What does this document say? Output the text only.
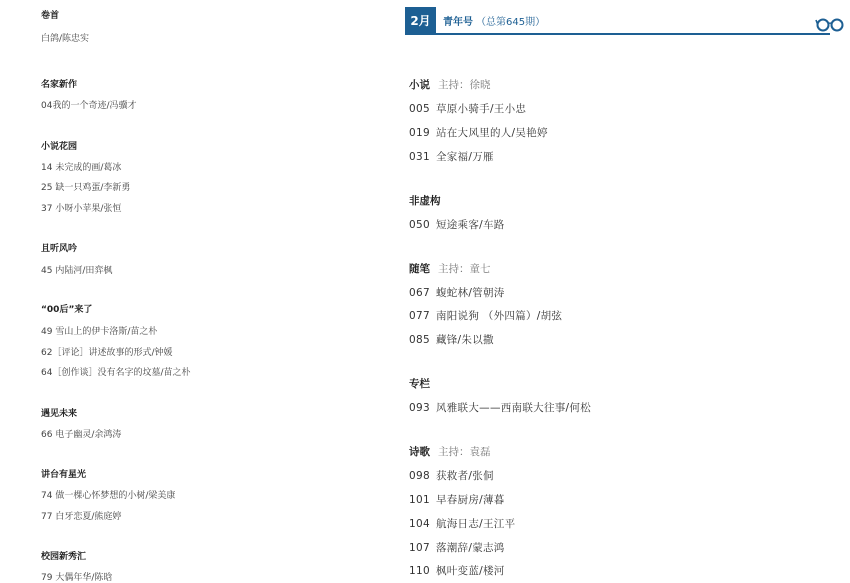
卷首
白鸽/陈忠实
名家新作
04我的一个奇迹/冯骥才
小说花园
14 未完成的画/葛冰
25 缺一只鸡蛋/李新勇
37 小呀小苹果/张恒
且听风吟
45 内陆河/田弈枫
“00后”来了
49 雪山上的伊卡洛斯/苗之朴
62［评论］讲述故事的形式/钟媛
64［创作谈］没有名字的坟墓/苗之朴
遇见未来
66 电子幽灵/余鸿涛
讲台有星光
74 做一棵心怀梦想的小树/梁美康
77 白牙恋夏/熊庭婷
校园新秀汇
79 大偶年华/陈晗
2月	青年号 （总第645期）
小说 主持：徐晓
005 草原小骑手/王小忠
019 站在大风里的人/吴艳婷
031 全家福/万雁
非虚构
050 短途乘客/车路
随笔 主持：童七
067 蝮蛇林/管朝涛
077 南阳说狗 （外四篇）/胡弦
085 藏锋/朱以撒
专栏
093 风雅联大——西南联大往事/何松
诗歌 主持：袁磊
098 获救者/张侗
101 早春厨房/薄暮
104 航海日志/王江平
107 落潮辞/蒙志鸿
110 枫叶变蓝/楼河
